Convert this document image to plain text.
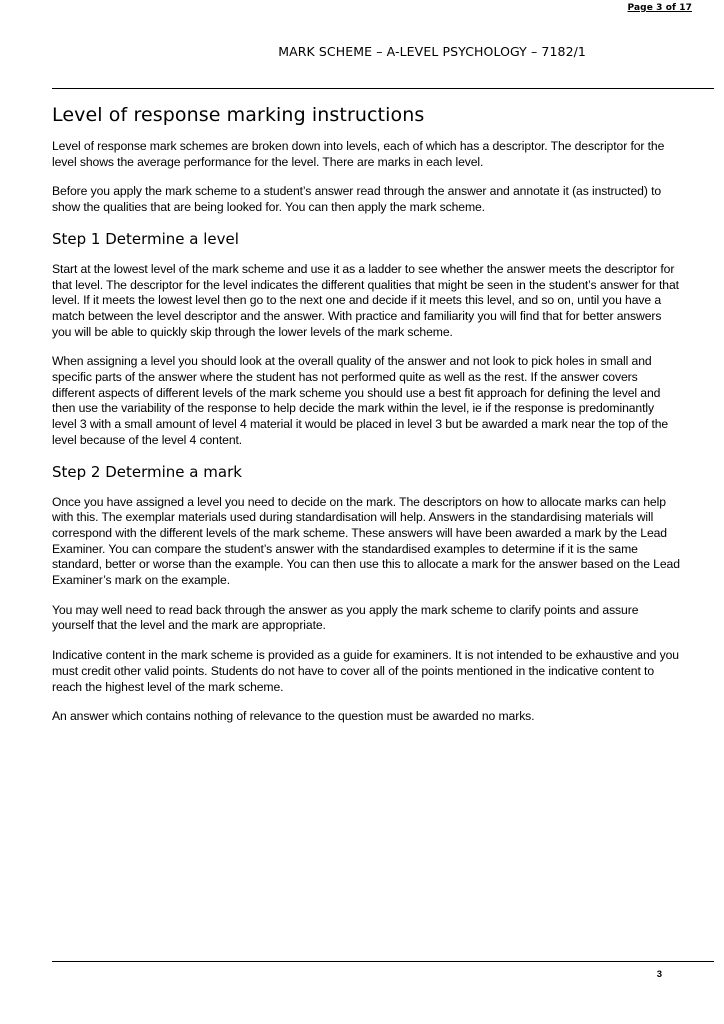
Page 3 of 17
MARK SCHEME – A-LEVEL PSYCHOLOGY – 7182/1
Level of response marking instructions

Level of response mark schemes are broken down into levels, each of which has a descriptor. The descriptor for the level shows the average performance for the level. There are marks in each level.

Before you apply the mark scheme to a student’s answer read through the answer and annotate it (as instructed) to show the qualities that are being looked for. You can then apply the mark scheme.

Step 1 Determine a level

Start at the lowest level of the mark scheme and use it as a ladder to see whether the answer meets the descriptor for that level. The descriptor for the level indicates the different qualities that might be seen in the student’s answer for that level. If it meets the lowest level then go to the next one and decide if it meets this level, and so on, until you have a match between the level descriptor and the answer. With practice and familiarity you will find that for better answers you will be able to quickly skip through the lower levels of the mark scheme.

When assigning a level you should look at the overall quality of the answer and not look to pick holes in small and specific parts of the answer where the student has not performed quite as well as the rest. If the answer covers different aspects of different levels of the mark scheme you should use a best fit approach for defining the level and then use the variability of the response to help decide the mark within the level, ie if the response is predominantly level 3 with a small amount of level 4 material it would be placed in level 3 but be awarded a mark near the top of the level because of the level 4 content.

Step 2 Determine a mark

Once you have assigned a level you need to decide on the mark. The descriptors on how to allocate marks can help with this. The exemplar materials used during standardisation will help. Answers in the standardising materials will correspond with the different levels of the mark scheme. These answers will have been awarded a mark by the Lead Examiner. You can compare the student’s answer with the standardised examples to determine if it is the same standard, better or worse than the example. You can then use this to allocate a mark for the answer based on the Lead Examiner’s mark on the example.

You may well need to read back through the answer as you apply the mark scheme to clarify points and assure yourself that the level and the mark are appropriate.

Indicative content in the mark scheme is provided as a guide for examiners. It is not intended to be exhaustive and you must credit other valid points. Students do not have to cover all of the points mentioned in the indicative content to reach the highest level of the mark scheme.

An answer which contains nothing of relevance to the question must be awarded no marks.

3
